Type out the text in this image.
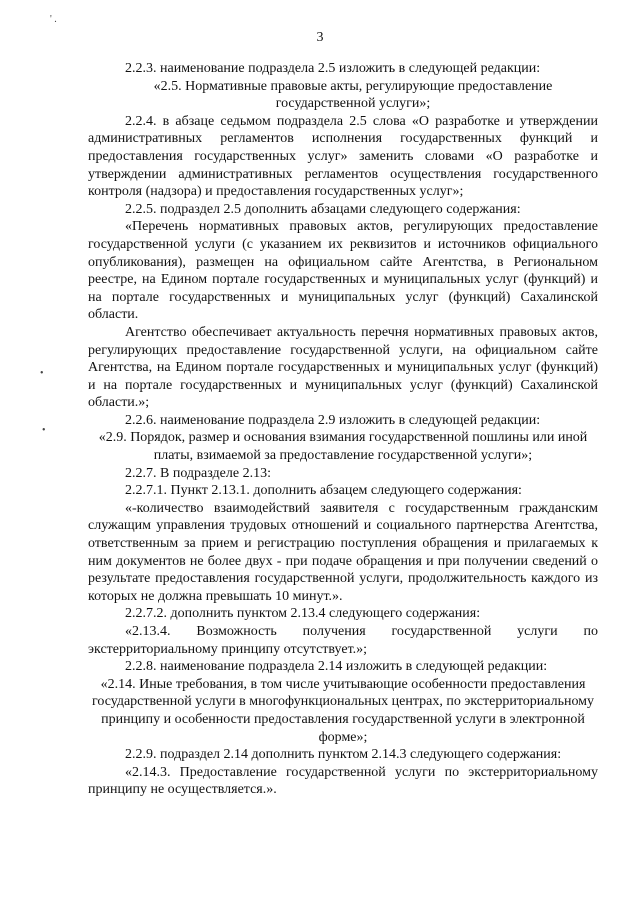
' .
•
•
3

2.2.3. наименование подраздела 2.5 изложить в следующей редакции:

«2.5. Нормативные правовые акты, регулирующие предоставление государственной услуги»;

2.2.4. в абзаце седьмом подраздела 2.5 слова «О разработке и утверждении административных регламентов исполнения государственных функций и предоставления государственных услуг» заменить словами «О разработке и утверждении административных регламентов осуществления государственного контроля (надзора) и предоставления государственных услуг»;

2.2.5. подраздел 2.5 дополнить абзацами следующего содержания:

«Перечень нормативных правовых актов, регулирующих предоставление государственной услуги (с указанием их реквизитов и источников официального опубликования), размещен на официальном сайте Агентства, в Региональном реестре, на Едином портале государственных и муниципальных услуг (функций) и на портале государственных и муниципальных услуг (функций) Сахалинской области.

Агентство обеспечивает актуальность перечня нормативных правовых актов, регулирующих предоставление государственной услуги, на официальном сайте Агентства, на Едином портале государственных и муниципальных услуг (функций) и на портале государственных и муниципальных услуг (функций) Сахалинской области.»;

2.2.6. наименование подраздела 2.9 изложить в следующей редакции:

«2.9. Порядок, размер и основания взимания государственной пошлины или иной платы, взимаемой за предоставление государственной услуги»;

2.2.7. В подразделе 2.13:

2.2.7.1. Пункт 2.13.1. дополнить абзацем следующего содержания:

«-количество взаимодействий заявителя с государственным гражданским служащим управления трудовых отношений и социального партнерства Агентства, ответственным за прием и регистрацию поступления обращения и прилагаемых к ним документов не более двух - при подаче обращения и при получении сведений о результате предоставления государственной услуги, продолжительность каждого из которых не должна превышать 10 минут.».

2.2.7.2. дополнить пунктом 2.13.4 следующего содержания:

«2.13.4. Возможность получения государственной услуги по экстерриториальному принципу отсутствует.»;

2.2.8. наименование подраздела 2.14 изложить в следующей редакции:

«2.14. Иные требования, в том числе учитывающие особенности предоставления государственной услуги в многофункциональных центрах, по экстерриториальному принципу и особенности предоставления государственной услуги в электронной форме»;

2.2.9. подраздел 2.14 дополнить пунктом 2.14.3 следующего содержания:

«2.14.3. Предоставление государственной услуги по экстерриториальному принципу не осуществляется.».
